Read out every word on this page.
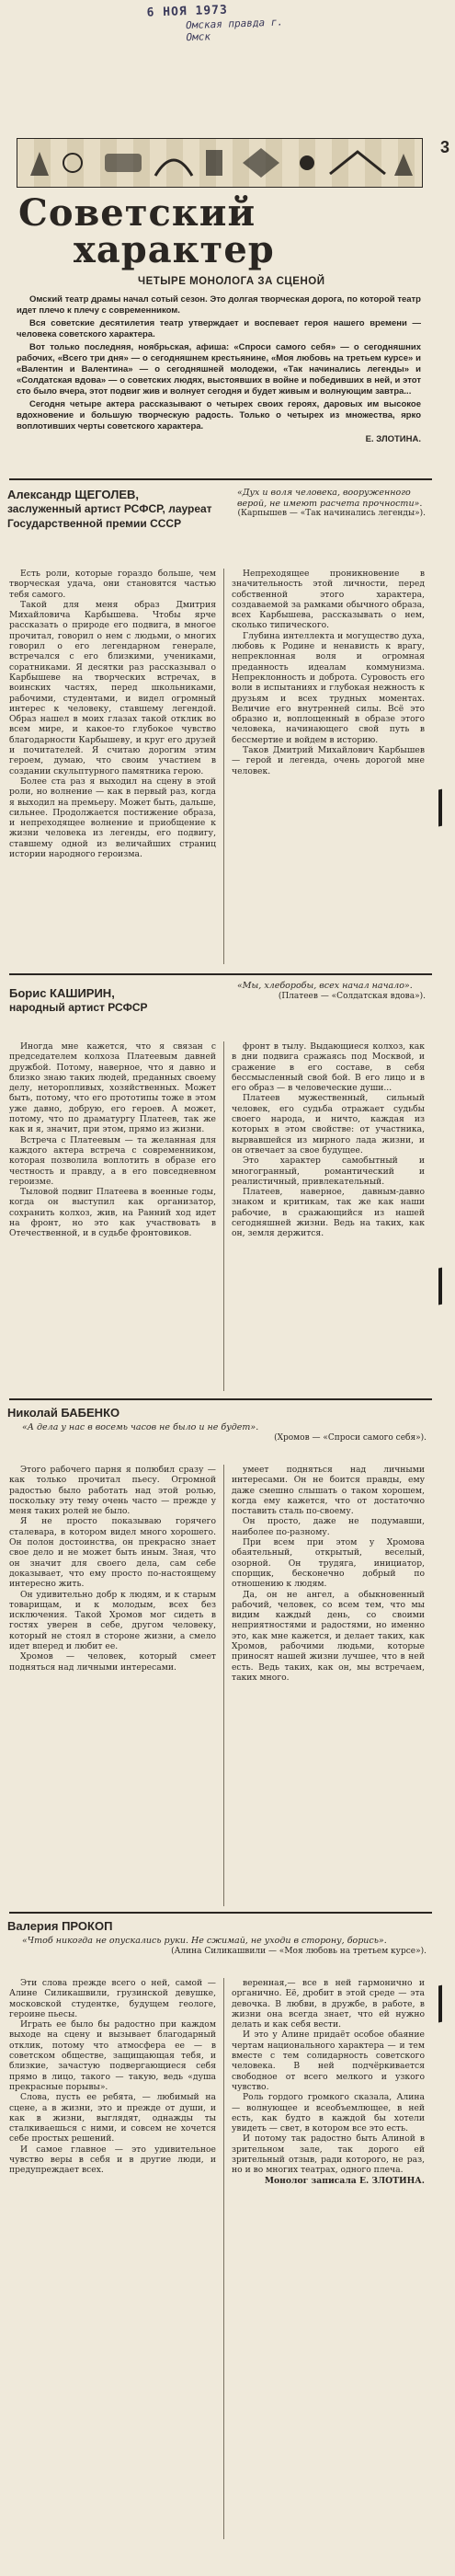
6 НОЯ 1973
Омская правда г. Омск
3
Советский
характер
ЧЕТЫРЕ МОНОЛОГА ЗА СЦЕНОЙ

Омский театр драмы начал сотый сезон. Это долгая творческая дорога, по которой театр идет плечо к плечу с современником.

Вся советские десятилетия театр утверждает и воспевает героя нашего времени — человека советского характера.

Вот только последняя, ноябрьская, афиша: «Спроси самого себя» — о сегодняшних рабочих, «Всего три дня» — о сегодняшнем крестьянине, «Моя любовь на третьем курсе» и «Валентин и Валентина» — о сегодняшней молодежи, «Так начинались легенды» и «Солдатская вдова» — о советских людях, выстоявших в войне и победивших в ней, и этот сто было вчера, этот подвиг жив и волнует сегодня и будет живым и волнующим завтра...

Сегодня четыре актера рассказывают о четырех своих героях, даровых им высокое вдохновение и большую творческую радость. Только о четырех из множества, ярко воплотивших черты советского характера.

Е. ЗЛОТИНА.
Александр ЩЕГОЛЕВ,
заслуженный артист РСФСР, лауреат Государственной премии СССР
«Дух и воля человека, вооруженного верой, не имеют расчета прочности».
(Карпышев — «Так начинались легенды»).

Есть роли, которые гораздо больше, чем творческая удача, они становятся частью тебя самого.

Такой для меня образ Дмитрия Михайловича Карбышева. Чтобы ярче рассказать о природе его подвига, в многое прочитал, говорил о нем с людьми, о многих говорил о его легендарном генерале, встречался с его близкими, учениками, соратниками. Я десятки раз рассказывал о Карбышеве на творческих встречах, в воинских частях, перед школьниками, рабочими, студентами, и видел огромный интерес к человеку, ставшему легендой. Образ нашел в моих глазах такой отклик во всем мире, и какое-то глубокое чувство благодарности Карбышеву, и круг его друзей и почитателей. Я считаю дорогим этим героем, думаю, что своим участием в создании скульптурного памятника герою.

Более ста раз я выходил на сцену в этой роли, но волнение — как в первый раз, когда я выходил на премьеру. Может быть, дальше, сильнее. Продолжается постижение образа, и непреходящее волнение и приобщение к жизни человека из легенды, его подвигу, ставшему одной из величайших страниц истории народного героизма.

Непреходящее проникновение в значительность этой личности, перед собственной этого характера, создаваемой за рамками обычного образа, всех Карбышева, рассказывать о нем, сколько типического.

Глубина интеллекта и могущество духа, любовь к Родине и ненависть к врагу, непреклонная воля и огромная преданность идеалам коммунизма. Непреклонность и доброта. Суровость его воли в испытаниях и глубокая нежность к друзьям и всех трудных моментах. Величие его внутренней силы. Всё это образно и, воплощенный в образе этого человека, начинающего свой путь в бессмертие и войдем в историю.

Таков Дмитрий Михайлович Карбышев — герой и легенда, очень дорогой мне человек.

Борис КАШИРИН,
народный артист РСФСР
«Мы, хлеборобы, всех начал начало».
(Платеев — «Солдатская вдова»).

Иногда мне кажется, что я связан с председателем колхоза Платеевым давней дружбой. Потому, наверное, что я давно и близко знаю таких людей, преданных своему делу, неторопливых, хозяйственных. Может быть, потому, что его прототипы тоже в этом уже давно, добрую, его героев. А может, потому, что по драматургу Платеев, так же как и я, значит, при этом, прямо из жизни.

Встреча с Платеевым — та желанная для каждого актера встреча с современником, которая позволила воплотить в образе его честность и правду, а в его повседневном героизме.

Тыловой подвиг Платеева в военные годы, когда он выступил как организатор, сохранить колхоз, жив, на Ранний ход идет на фронт, но это как участвовать в Отечественной, и в судьбе фронтовиков.

фронт в тылу. Выдающиеся колхоз, как в дни подвига сражаясь под Москвой, и сражение в его составе, в себя бессмысленный свой бой. В его лицо и в его образ — в человеческие души...

Платеев мужественный, сильный человек, его судьба отражает судьбы своего народа, и ничто, каждая из которых в этом свойстве: от участника, вырвавшейся из мирного лада жизни, и он отвечает за свое будущее.

Это характер самобытный и многогранный, романтический и реалистичный, привлекательный.

Платеев, наверное, давным-давно знаком и критикам, так же как наши рабочие, в сражающийся из нашей сегодняшней жизни. Ведь на таких, как он, земля держится.

Николай БАБЕНКО
«А дела у нас в восемь часов не было и не будет».
(Хромов — «Спроси самого себя»).

Этого рабочего парня я полюбил сразу — как только прочитал пьесу. Огромной радостью было работать над этой ролью, поскольку эту тему очень часто — прежде у меня таких ролей не было.

Я не просто показываю горячего сталевара, в котором видел много хорошего. Он полон достоинства, он прекрасно знает свое дело и не может быть иным. Зная, что он значит для своего дела, сам себе доказывает, что ему просто по-настоящему интересно жить.

Он удивительно добр к людям, и к старым товарищам, и к молодым, всех без исключения. Такой Хромов мог сидеть в гостях уверен в себе, другом человеку, который не стоял в стороне жизни, а смело идет вперед и любит ее.

Хромов — человек, который смеет подняться над личными интересами.

умеет подняться над личными интересами. Он не боится правды, ему даже смешно слышать о таком хорошем, когда ему кажется, что от достаточно поставить сталь по-своему.

Он просто, даже не подумавши, наиболее по-разному.

При всем при этом у Хромова обаятельный, открытый, веселый, озорной. Он трудяга, инициатор, спорщик, бесконечно добрый по отношению к людям.

Да, он не ангел, а обыкновенный рабочий, человек, со всем тем, что мы видим каждый день, со своими неприятностями и радостями, но именно это, как мне кажется, и делает таких, как Хромов, рабочими людьми, которые приносят нашей жизни лучшее, что в ней есть. Ведь таких, как он, мы встречаем, таких много.

Валерия ПРОКОП
«Чтоб никогда не опускались руки. Не сжимай, не уходи в сторону, борись».
(Алина Силикашвили — «Моя любовь на третьем курсе»).

Эти слова прежде всего о ней, самой — Алине Силикашвили, грузинской девушке, московской студентке, будущем геологе, героине пьесы.

Играть ее было бы радостно при каждом выходе на сцену и вызывает благодарный отклик, потому что атмосфера ее — в советском обществе, защищающая тебя, и близкие, зачастую подвергающиеся себя прямо в лицо, такого — такую, ведь «душа прекрасные порывы».

Слова, пусть ее ребята, — любимый на сцене, а в жизни, это и прежде от души, и как в жизни, выглядят, однажды ты сталкиваешься с ними, и совсем не хочется себе простых решений.

И самое главное — это удивительное чувство веры в себя и в другие люди, и предупреждает всех.

веренная,— все в ней гармонично и органично. Её, дробит в этой среде — эта девочка. В любви, в дружбе, в работе, в жизни она всегда знает, что ей нужно делать и как себя вести.

И это у Алине придаёт особое обаяние чертам национального характера — и тем вместе с тем солидарность советского человека. В ней подчёркивается свободное от всего мелкого и узкого чувство.

Роль гордого громкого сказала, Алина — волнующее и всеобъемлющее, в ней есть, как будто в каждой бы хотели увидеть — свет, в котором все это есть.

И потому так радостно быть Алиной в зрительном зале, так дорого ей зрительный отзыв, ради которого, не раз, но и во многих театрах, одного плеча.

Монолог записала Е. ЗЛОТИНА.
